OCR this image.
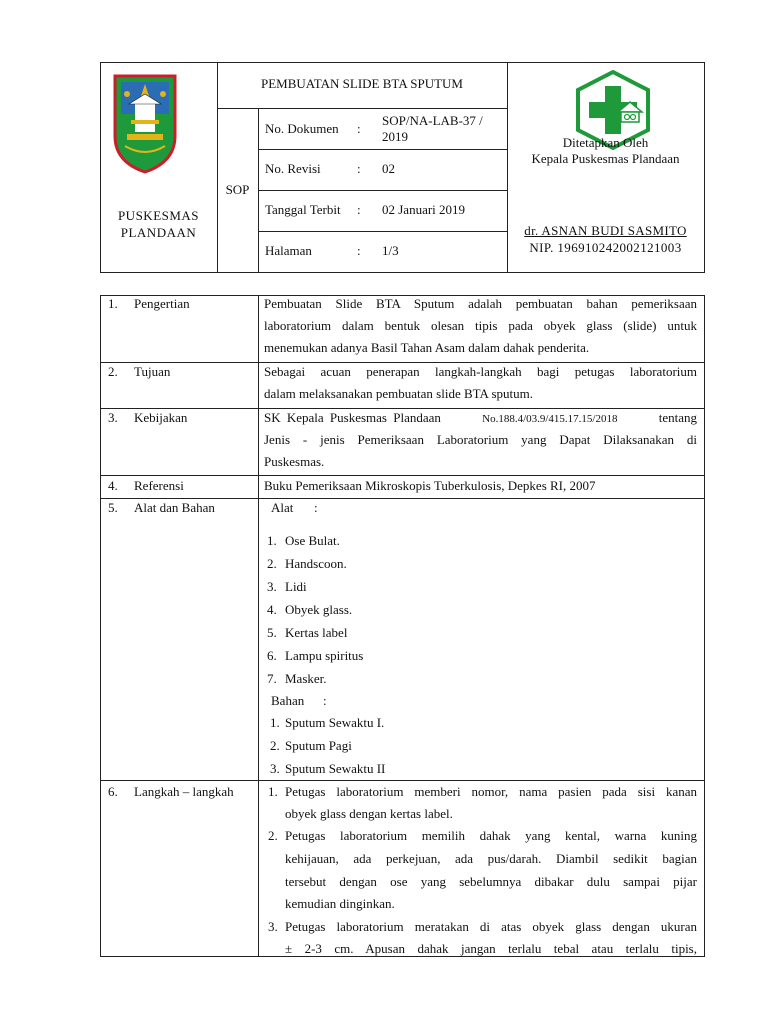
PUSKESMAS
PLANDAAN
PEMBUATAN SLIDE BTA SPUTUM
SOP
No. Dokumen :
SOP/NA-LAB-37 /
2019
No. Revisi	: 02
Tanggal Terbit : 02 Januari 2019
Halaman	: 1/3
Ditetapkan Oleh
Kepala Puskesmas Plandaan
dr. ASNAN BUDI SASMITO
NIP. 196910242002121003
1. Pengertian	Pembuatan Slide BTA Sputum adalah pembuatan bahan pemeriksaan
laboratorium dalam bentuk olesan tipis pada obyek glass (slide) untuk
menemukan adanya Basil Tahan Asam dalam dahak penderita.
2. Tujuan	Sebagai acuan penerapan langkah-langkah bagi petugas laboratorium
dalam melaksanakan pembuatan slide BTA sputum.
3. Kebijakan	SK Kepala Puskesmas Plandaan	No.188.4/03.9/415.17.15/2018	tentang
Jenis - jenis Pemeriksaan Laboratorium yang Dapat Dilaksanakan di
Puskesmas.
4. Referensi	Buku Pemeriksaan Mikroskopis Tuberkulosis, Depkes RI, 2007
5. Alat dan Bahan	Alat :
1. Ose Bulat.
2. Handscoon.
3. Lidi
4. Obyek glass.
5. Kertas label
6. Lampu spiritus
7. Masker.
Bahan :
1. Sputum Sewaktu I.
2. Sputum Pagi
3. Sputum Sewaktu II
6. Langkah – langkah	1. Petugas laboratorium memberi nomor, nama pasien pada sisi kanan
obyek glass dengan kertas label.
2. Petugas laboratorium memilih dahak yang kental, warna kuning
kehijauan, ada perkejuan, ada pus/darah. Diambil sedikit bagian
tersebut dengan ose yang sebelumnya dibakar dulu sampai pijar
kemudian dinginkan.
3. Petugas laboratorium meratakan di atas obyek glass dengan ukuran
± 2-3 cm. Apusan dahak jangan terlalu tebal atau terlalu tipis,
